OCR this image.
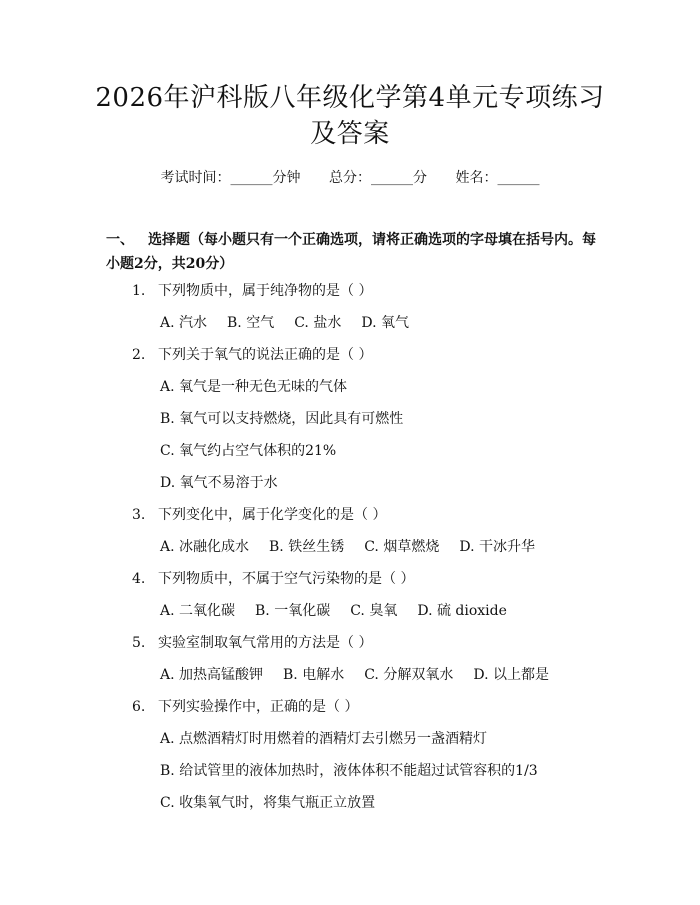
2026年沪科版八年级化学第4单元专项练习
及答案
考试时间：______分钟 总分：______分 姓名：______
一、 选择题（每小题只有一个正确选项，请将正确选项的字母填在括号内。每小题2分，共20分）
1. 下列物质中，属于纯净物的是（ ）
A. 汽水 B. 空气 C. 盐水 D. 氧气
2. 下列关于氧气的说法正确的是（ ）
A. 氧气是一种无色无味的气体
B. 氧气可以支持燃烧，因此具有可燃性
C. 氧气约占空气体积的21%
D. 氧气不易溶于水
3. 下列变化中，属于化学变化的是（ ）
A. 冰融化成水 B. 铁丝生锈 C. 烟草燃烧 D. 干冰升华
4. 下列物质中，不属于空气污染物的是（ ）
A. 二氧化碳 B. 一氧化碳 C. 臭氧 D. 硫 dioxide
5. 实验室制取氧气常用的方法是（ ）
A. 加热高锰酸钾 B. 电解水 C. 分解双氧水 D. 以上都是
6. 下列实验操作中，正确的是（ ）
A. 点燃酒精灯时用燃着的酒精灯去引燃另一盏酒精灯
B. 给试管里的液体加热时，液体体积不能超过试管容积的1/3
C. 收集氧气时，将集气瓶正立放置
